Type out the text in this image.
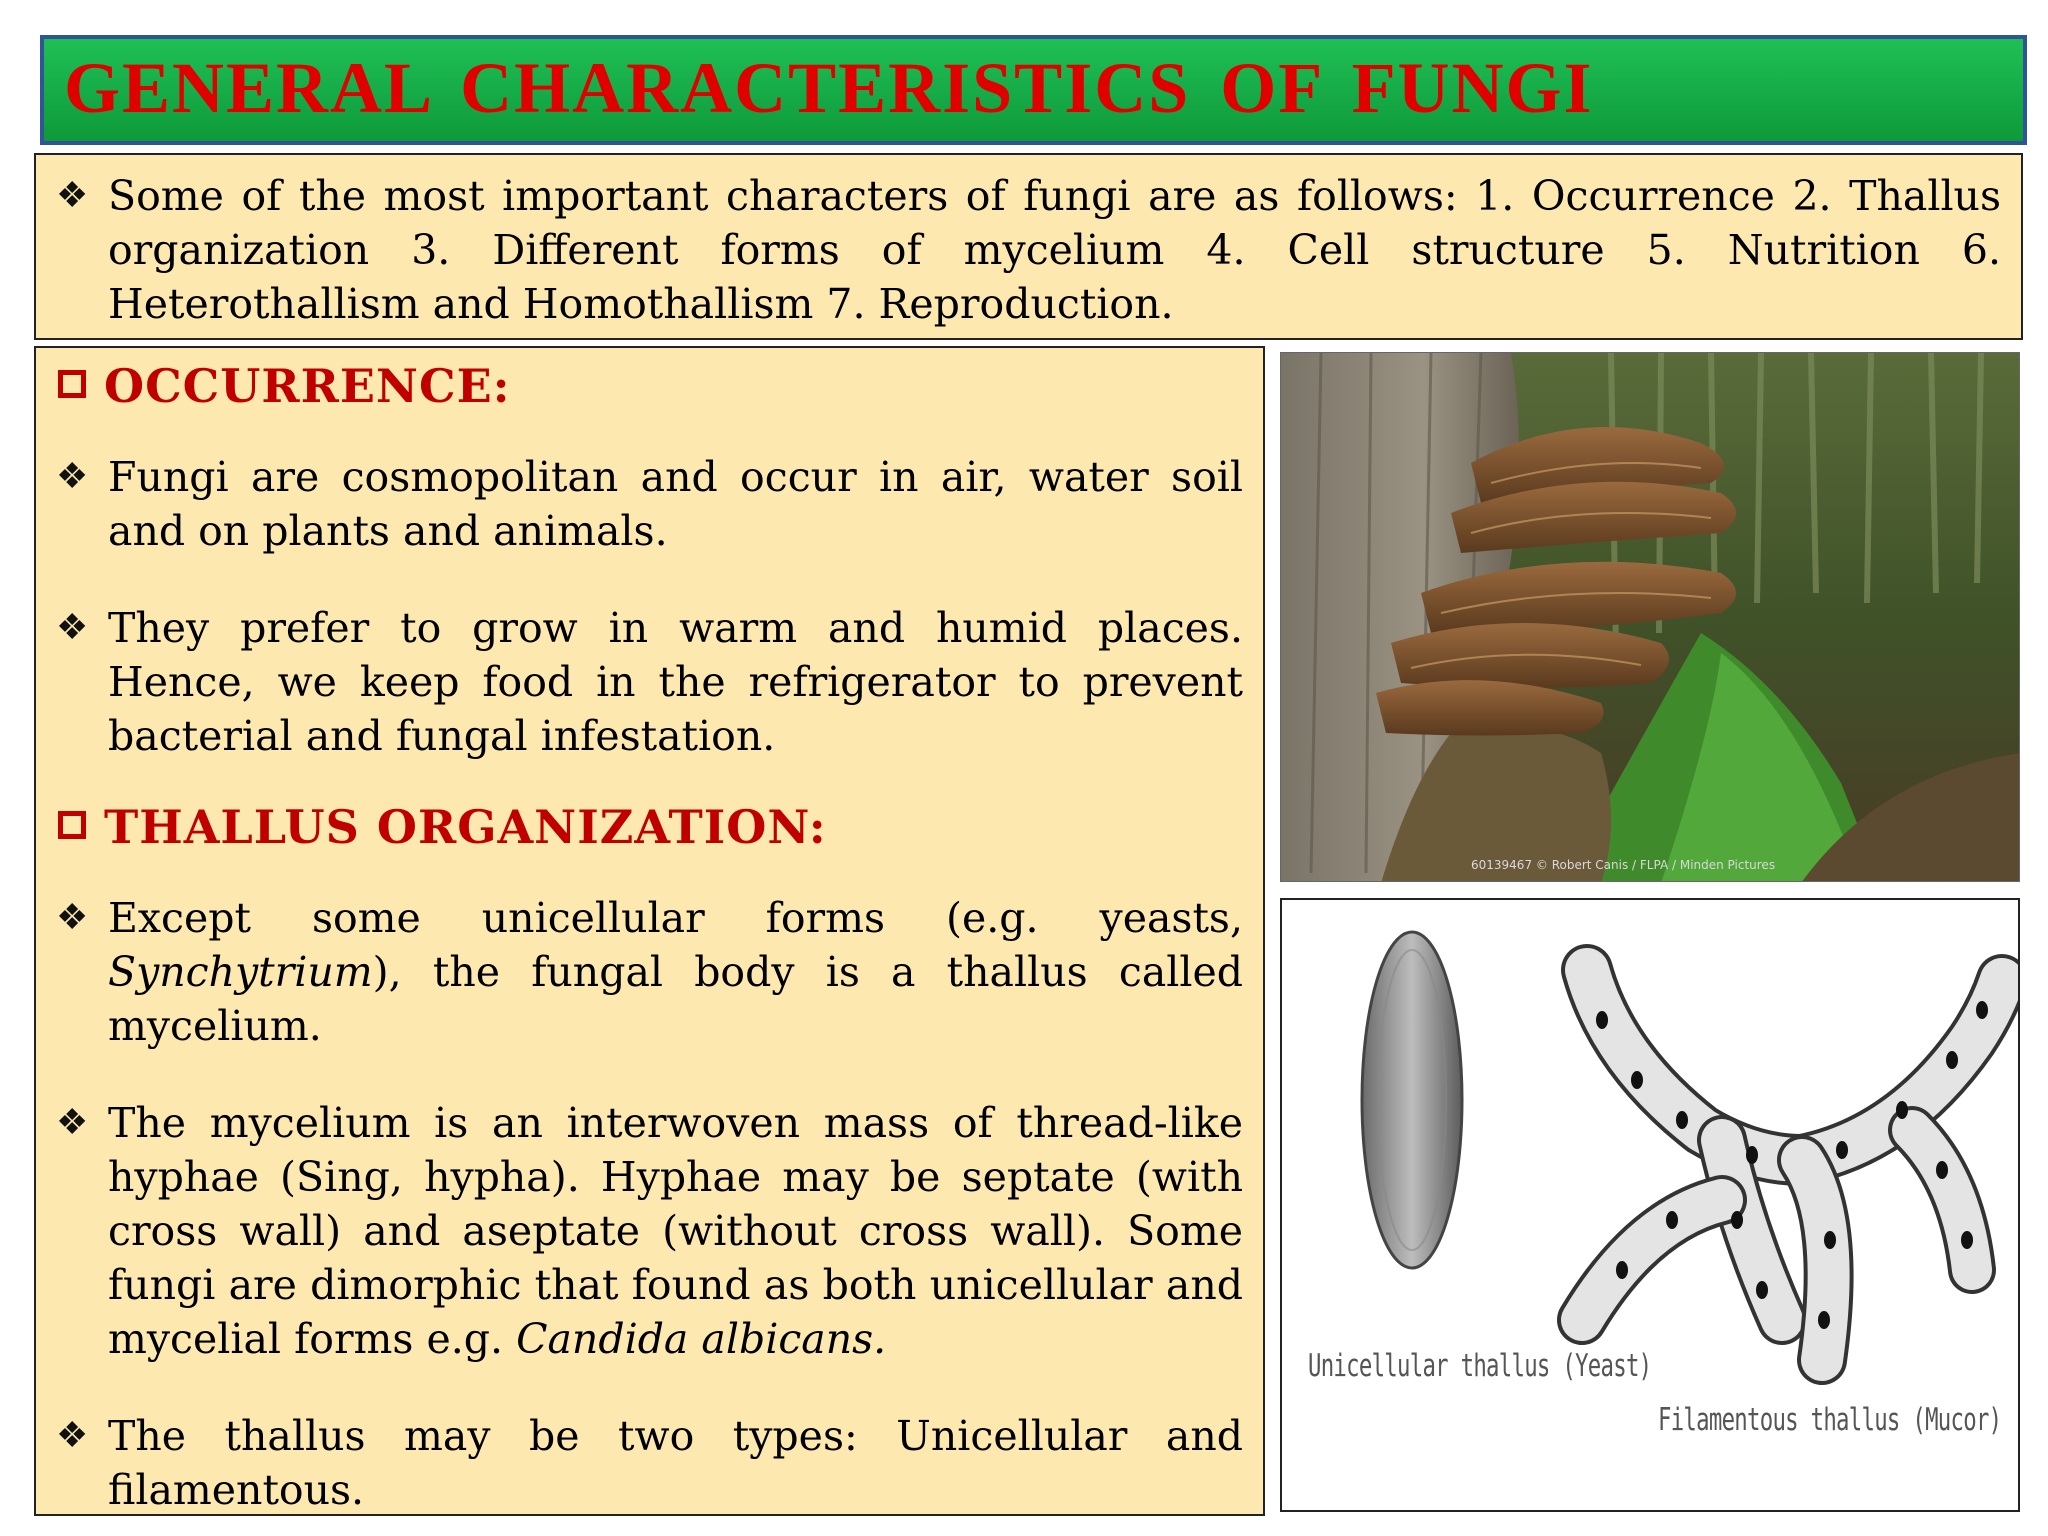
GENERAL CHARACTERISTICS OF FUNGI

❖ Some of the most important characters of fungi are as follows: 1. Occurrence 2. Thallus organization 3. Different forms of mycelium 4. Cell structure 5. Nutrition 6. Heterothallism and Homothallism 7. Reproduction.

OCCURRENCE:

❖ Fungi are cosmopolitan and occur in air, water soil and on plants and animals.

❖ They prefer to grow in warm and humid places. Hence, we keep food in the refrigerator to prevent bacterial and fungal infestation.

THALLUS ORGANIZATION:

❖ Except some unicellular forms (e.g. yeasts, Synchytrium), the fungal body is a thallus called mycelium.

❖ The mycelium is an interwoven mass of thread-like hyphae (Sing, hypha). Hyphae may be septate (with cross wall) and aseptate (without cross wall). Some fungi are dimorphic that found as both unicellular and mycelial forms e.g. Candida albicans.

❖ The thallus may be two types: Unicellular and filamentous.

60139467 © Robert Canis / FLPA / Minden Pictures
Unicellular thallus (Yeast)
Filamentous thallus (Mucor)
